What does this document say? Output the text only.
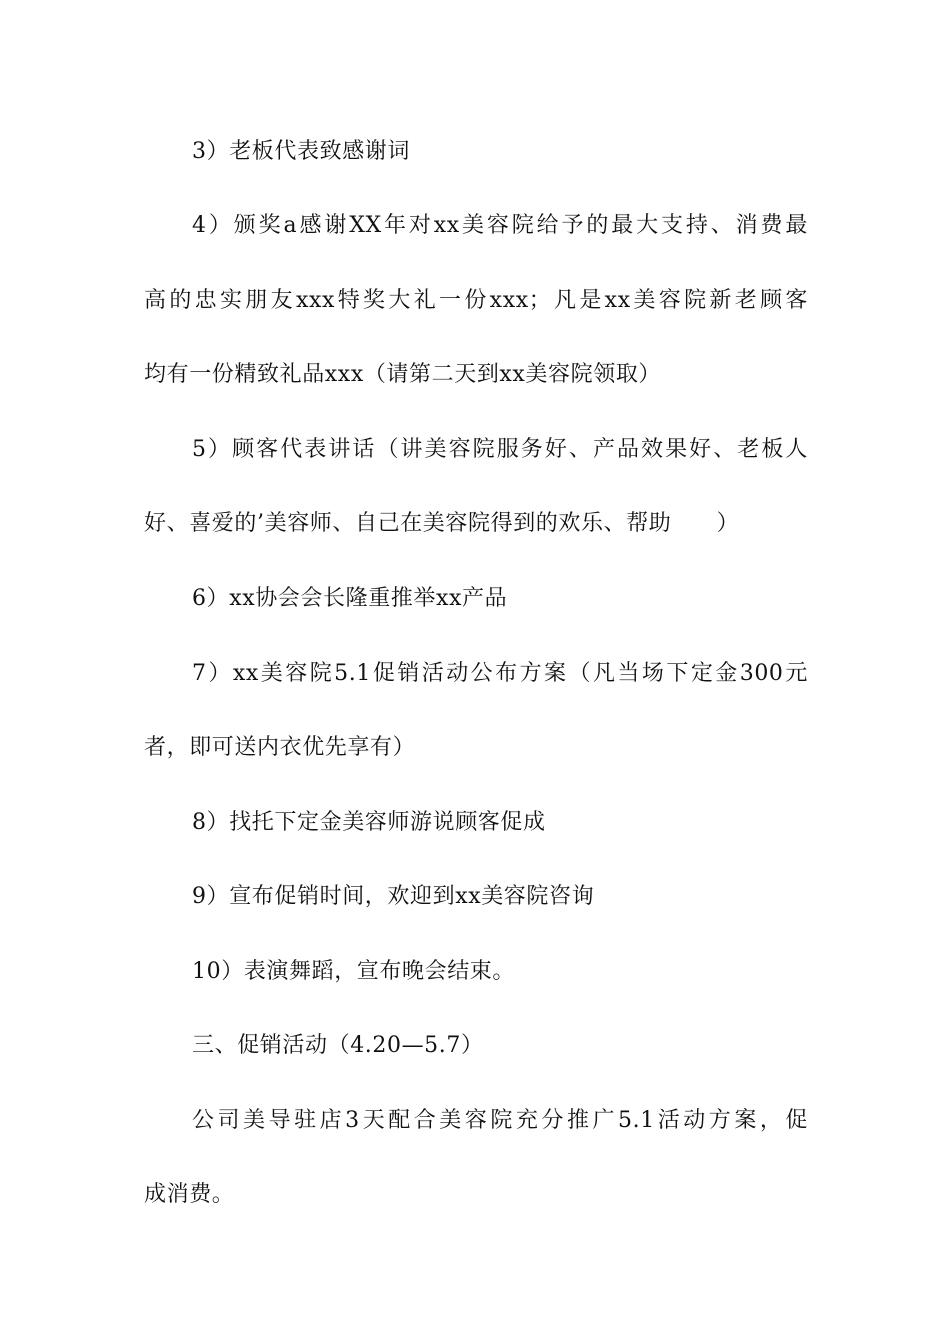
3）老板代表致感谢词
4）颁奖a感谢XX年对xx美容院给予的最大支持、消费最
高的忠实朋友xxx特奖大礼一份xxx；凡是xx美容院新老顾客
均有一份精致礼品xxx（请第二天到xx美容院领取）
5）顾客代表讲话（讲美容院服务好、产品效果好、老板人
好、喜爱的’美容师、自己在美容院得到的欢乐、帮助　　）
6）xx协会会长隆重推举xx产品
7）xx美容院5.1促销活动公布方案（凡当场下定金300元
者，即可送内衣优先享有）
8）找托下定金美容师游说顾客促成
9）宣布促销时间，欢迎到xx美容院咨询
10）表演舞蹈，宣布晚会结束。
三、促销活动（4.20—5.7）
公司美导驻店3天配合美容院充分推广5.1活动方案，促
成消费。
